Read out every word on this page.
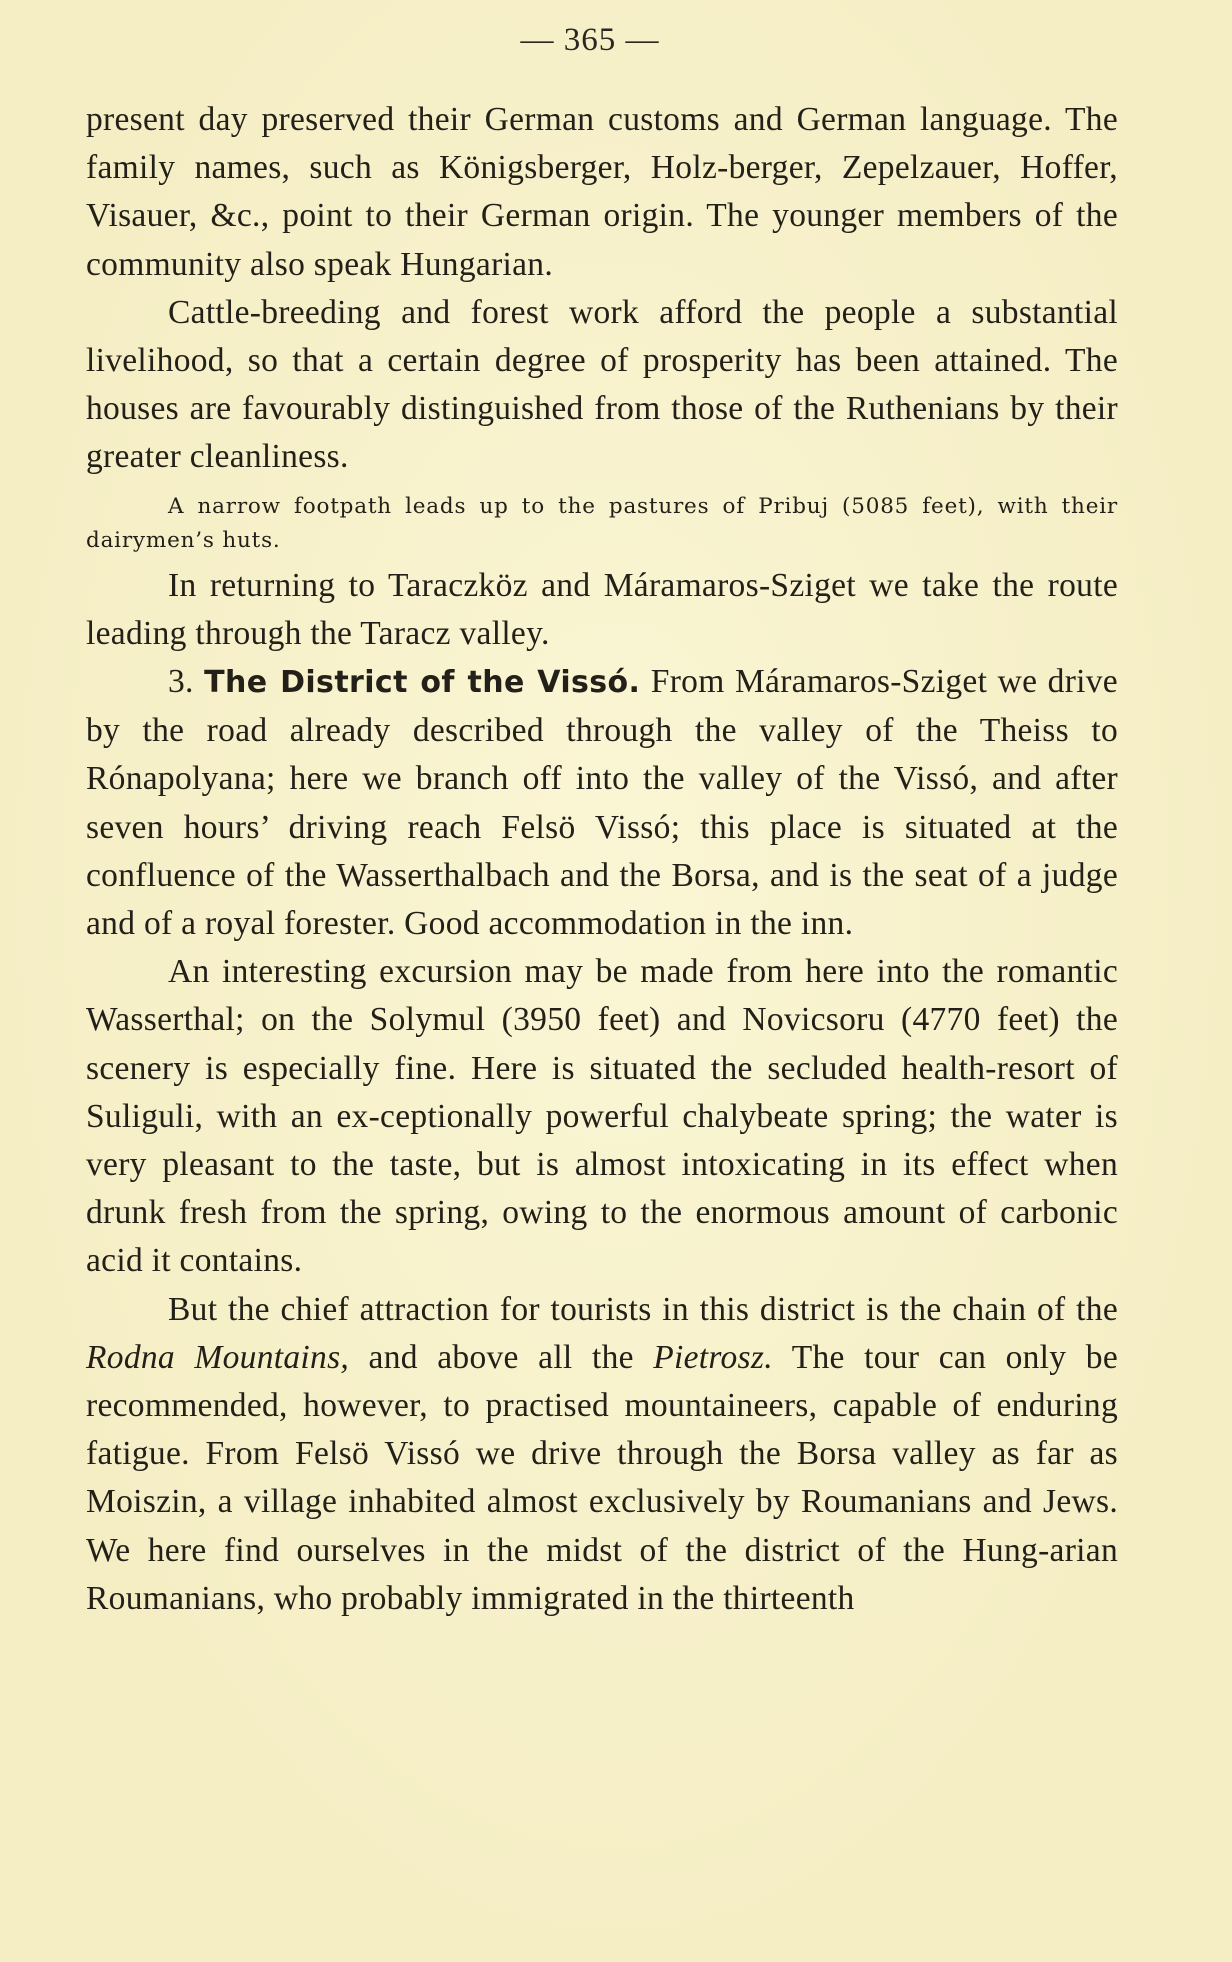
— 365 —

present day preserved their German customs and German language. The family names, such as Königsberger, Holz-berger, Zepelzauer, Hoffer, Visauer, &c., point to their German origin. The younger members of the community also speak Hungarian.

Cattle-breeding and forest work afford the people a substantial livelihood, so that a certain degree of prosperity has been attained. The houses are favourably distinguished from those of the Ruthenians by their greater cleanliness.

A narrow footpath leads up to the pastures of Pribuj (5085 feet), with their dairymen’s huts.

In returning to Taraczköz and Máramaros-Sziget we take the route leading through the Taracz valley.

3. The District of the Vissó. From Máramaros-Sziget we drive by the road already described through the valley of the Theiss to Rónapolyana; here we branch off into the valley of the Vissó, and after seven hours’ driving reach Felsö Vissó; this place is situated at the confluence of the Wasserthalbach and the Borsa, and is the seat of a judge and of a royal forester. Good accommodation in the inn.

An interesting excursion may be made from here into the romantic Wasserthal; on the Solymul (3950 feet) and Novicsoru (4770 feet) the scenery is especially fine. Here is situated the secluded health-resort of Suliguli, with an ex-ceptionally powerful chalybeate spring; the water is very pleasant to the taste, but is almost intoxicating in its effect when drunk fresh from the spring, owing to the enormous amount of carbonic acid it contains.

But the chief attraction for tourists in this district is the chain of the Rodna Mountains, and above all the Pietrosz. The tour can only be recommended, however, to practised mountaineers, capable of enduring fatigue. From Felsö Vissó we drive through the Borsa valley as far as Moiszin, a village inhabited almost exclusively by Roumanians and Jews. We here find ourselves in the midst of the district of the Hung-arian Roumanians, who probably immigrated in the thirteenth
